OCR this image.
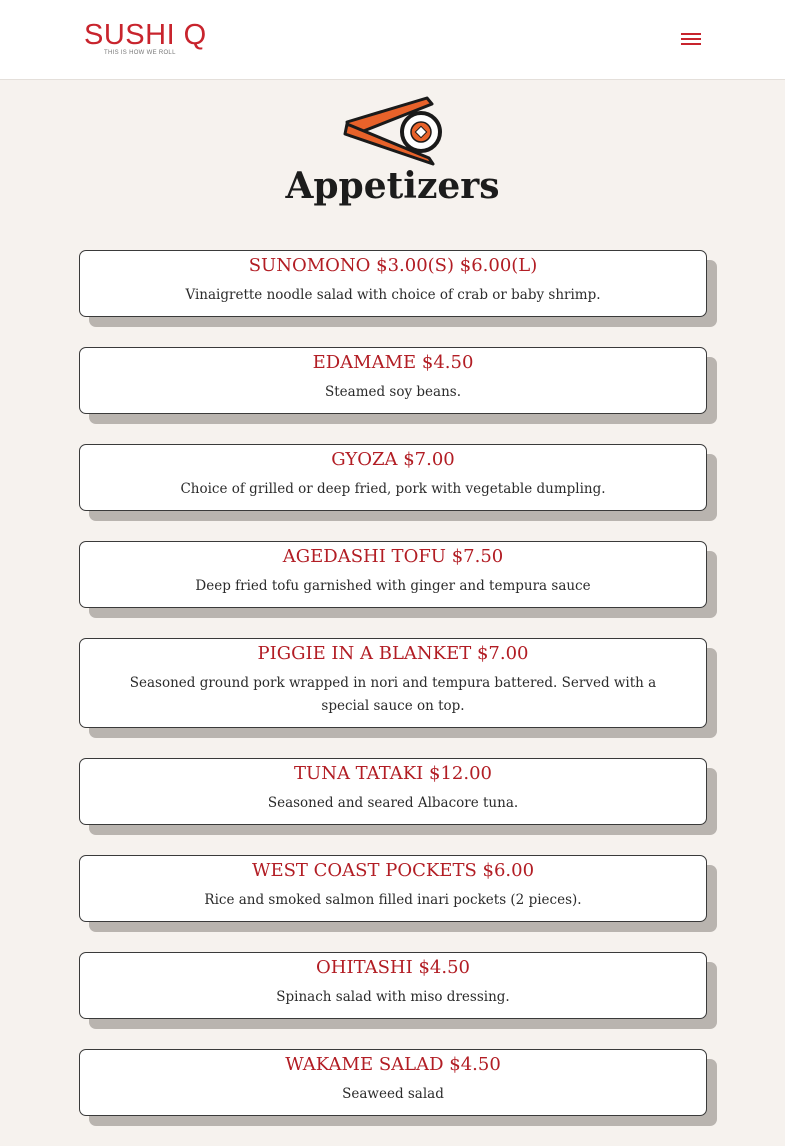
SUSHI Q
THIS IS HOW WE ROLL
Appetizers
SUNOMONO $3.00(S) $6.00(L)

Vinaigrette noodle salad with choice of crab or baby shrimp.

EDAMAME $4.50

Steamed soy beans.

GYOZA $7.00

Choice of grilled or deep fried, pork with vegetable dumpling.

AGEDASHI TOFU $7.50

Deep fried tofu garnished with ginger and tempura sauce

PIGGIE IN A BLANKET $7.00

Seasoned ground pork wrapped in nori and tempura battered. Served with a special sauce on top.

TUNA TATAKI $12.00

Seasoned and seared Albacore tuna.

WEST COAST POCKETS $6.00

Rice and smoked salmon filled inari pockets (2 pieces).

OHITASHI $4.50

Spinach salad with miso dressing.

WAKAME SALAD $4.50

Seaweed salad
